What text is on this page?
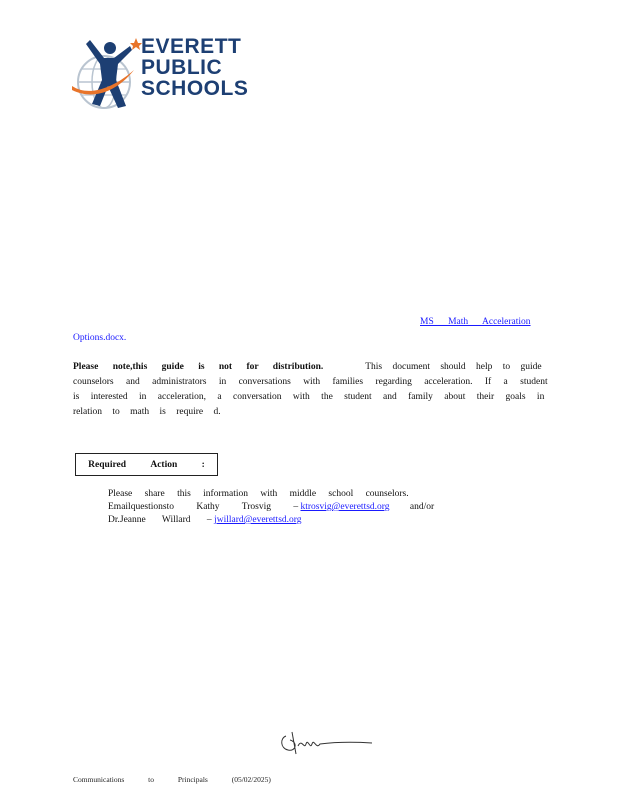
EVERETT
PUBLIC
SCHOOLS
MS Math Acceleration
Options.docx.
Please note,this guide is not for distribution.	This document should help to guide
counselors and administrators in conversations with families regarding acceleration. If a student
is interested in acceleration, a conversation with the student and family about their goals in
relation to math is require d.
Required	Action	:
Please share this information with middle school counselors.
Emailquestionsto Kathy Trosvig – ktrosvig@everettsd.org and/or
Dr.Jeanne Willard – jwillard@everettsd.org
Communications	to	Principals	(05/02/2025)
